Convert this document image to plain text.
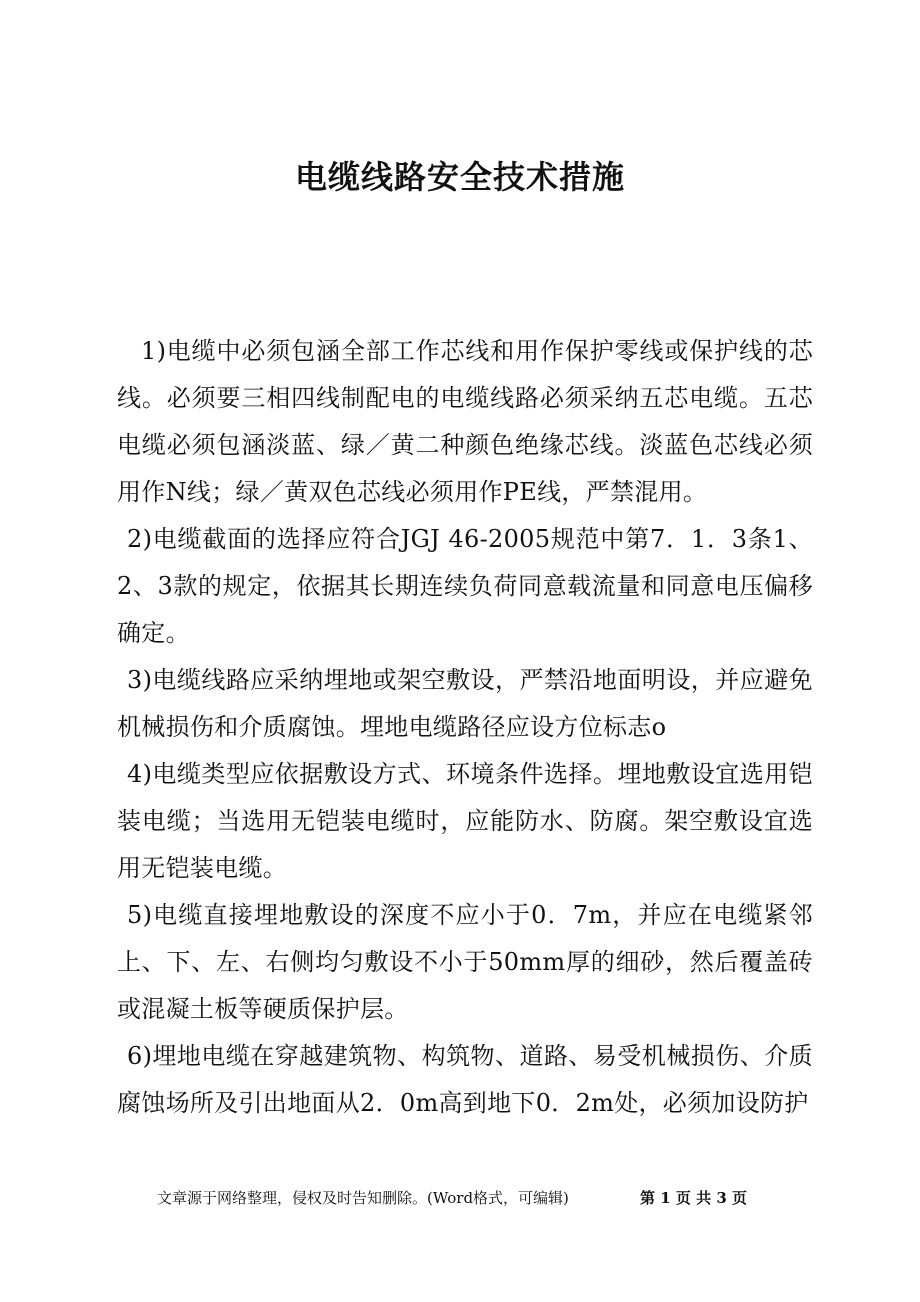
电缆线路安全技术措施

1)电缆中必须包涵全部工作芯线和用作保护零线或保护线的芯线。必须要三相四线制配电的电缆线路必须采纳五芯电缆。五芯电缆必须包涵淡蓝、绿／黄二种颜色绝缘芯线。淡蓝色芯线必须用作N线；绿／黄双色芯线必须用作PE线，严禁混用。

2)电缆截面的选择应符合JGJ 46-2005规范中第7．1．3条1、2、3款的规定，依据其长期连续负荷同意载流量和同意电压偏移确定。

3)电缆线路应采纳埋地或架空敷设，严禁沿地面明设，并应避免机械损伤和介质腐蚀。埋地电缆路径应设方位标志o

4)电缆类型应依据敷设方式、环境条件选择。埋地敷设宜选用铠装电缆；当选用无铠装电缆时，应能防水、防腐。架空敷设宜选用无铠装电缆。

5)电缆直接埋地敷设的深度不应小于0．7m，并应在电缆紧邻上、下、左、右侧均匀敷设不小于50mm厚的细砂，然后覆盖砖或混凝土板等硬质保护层。

6)埋地电缆在穿越建筑物、构筑物、道路、易受机械损伤、介质腐蚀场所及引出地面从2．0m高到地下0．2m处，必须加设防护

文章源于网络整理，侵权及时告知删除。(Word格式，可编辑)	第 1 页 共 3 页
